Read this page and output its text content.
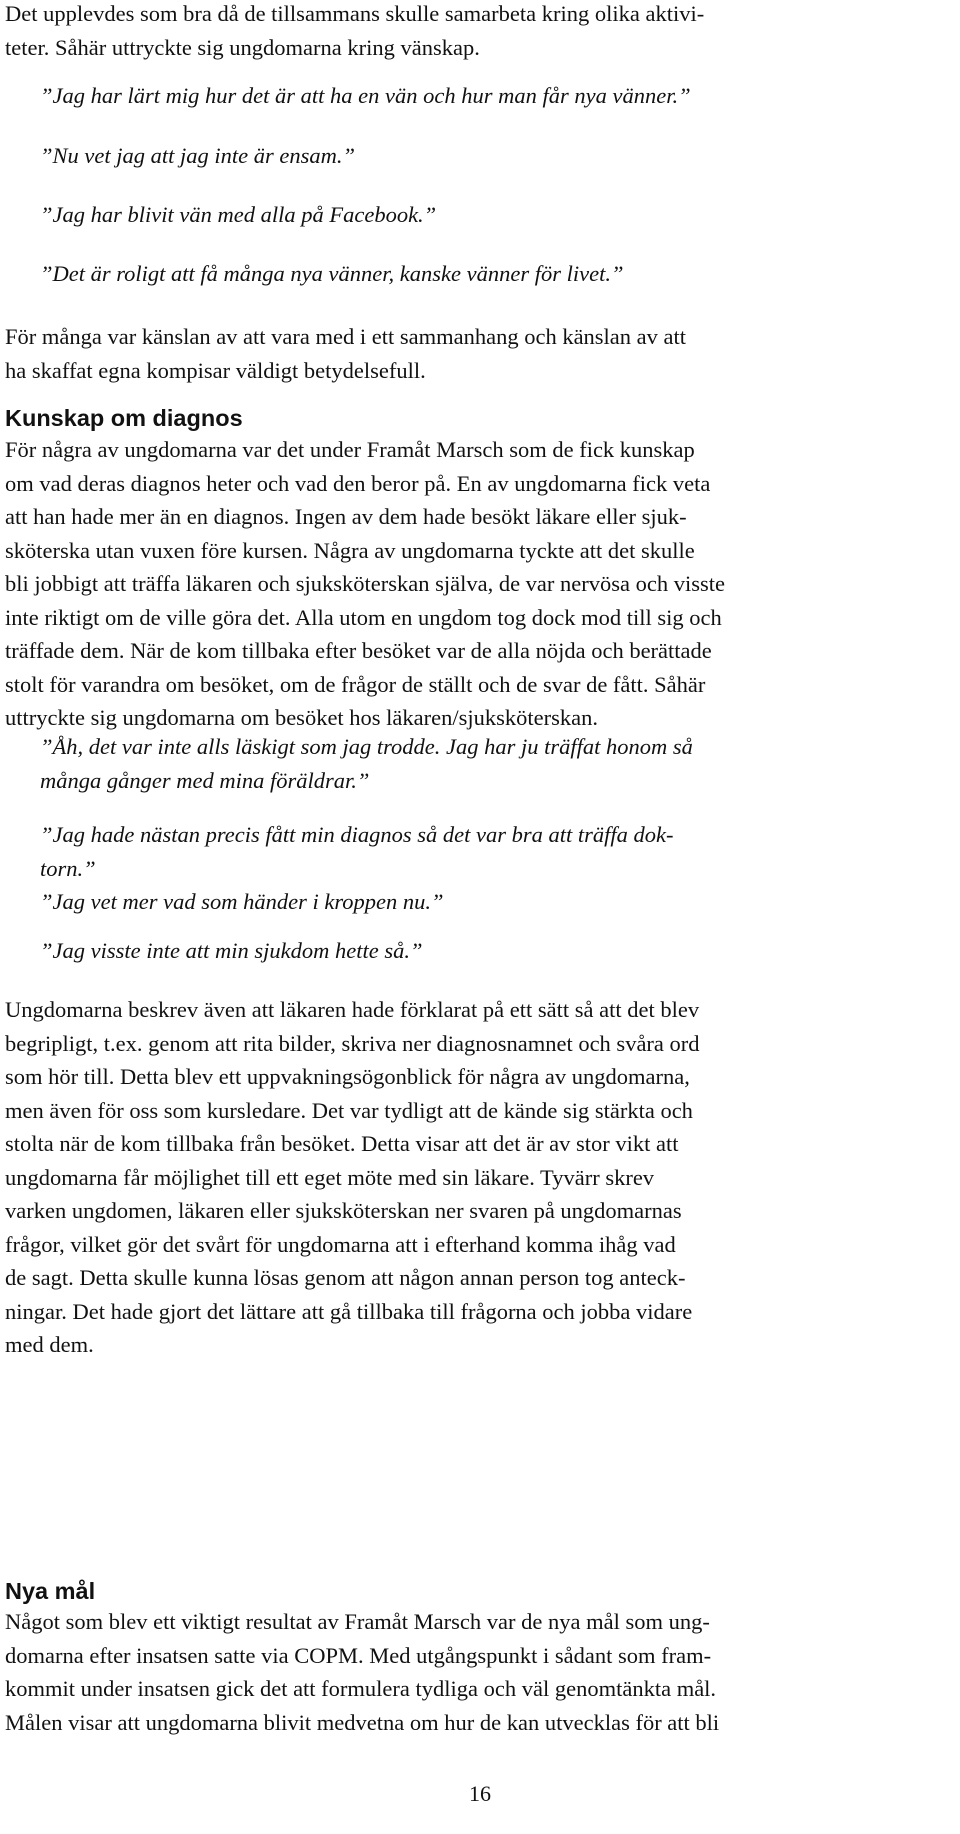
Det upplevdes som bra då de tillsammans skulle samarbeta kring olika aktivi-
teter. Såhär uttryckte sig ungdomarna kring vänskap.

”Jag har lärt mig hur det är att ha en vän och hur man får nya vänner.”

”Nu vet jag att jag inte är ensam.”

”Jag har blivit vän med alla på Facebook.”

”Det är roligt att få många nya vänner, kanske vänner för livet.”

För många var känslan av att vara med i ett sammanhang och känslan av att
ha skaffat egna kompisar väldigt betydelsefull.

Kunskap om diagnos

För några av ungdomarna var det under Framåt Marsch som de fick kunskap
om vad deras diagnos heter och vad den beror på. En av ungdomarna fick veta
att han hade mer än en diagnos. Ingen av dem hade besökt läkare eller sjuk-
sköterska utan vuxen före kursen. Några av ungdomarna tyckte att det skulle
bli jobbigt att träffa läkaren och sjuksköterskan själva, de var nervösa och visste
inte riktigt om de ville göra det. Alla utom en ungdom tog dock mod till sig och
träffade dem. När de kom tillbaka efter besöket var de alla nöjda och berättade
stolt för varandra om besöket, om de frågor de ställt och de svar de fått. Såhär
uttryckte sig ungdomarna om besöket hos läkaren/sjuksköterskan.

”Åh, det var inte alls läskigt som jag trodde. Jag har ju träffat honom så
många gånger med mina föräldrar.”

”Jag hade nästan precis fått min diagnos så det var bra att träffa dok-
torn.”
”Jag vet mer vad som händer i kroppen nu.”

”Jag visste inte att min sjukdom hette så.”

Ungdomarna beskrev även att läkaren hade förklarat på ett sätt så att det blev
begripligt, t.ex. genom att rita bilder, skriva ner diagnosnamnet och svåra ord
som hör till. Detta blev ett uppvakningsögonblick för några av ungdomarna,
men även för oss som kursledare. Det var tydligt att de kände sig stärkta och
stolta när de kom tillbaka från besöket. Detta visar att det är av stor vikt att
ungdomarna får möjlighet till ett eget möte med sin läkare. Tyvärr skrev
varken ungdomen, läkaren eller sjuksköterskan ner svaren på ungdomarnas
frågor, vilket gör det svårt för ungdomarna att i efterhand komma ihåg vad
de sagt. Detta skulle kunna lösas genom att någon annan person tog anteck-
ningar. Det hade gjort det lättare att gå tillbaka till frågorna och jobba vidare
med dem.

Nya mål

Något som blev ett viktigt resultat av Framåt Marsch var de nya mål som ung-
domarna efter insatsen satte via COPM. Med utgångspunkt i sådant som fram-
kommit under insatsen gick det att formulera tydliga och väl genomtänkta mål.
Målen visar att ungdomarna blivit medvetna om hur de kan utvecklas för att bli

16
